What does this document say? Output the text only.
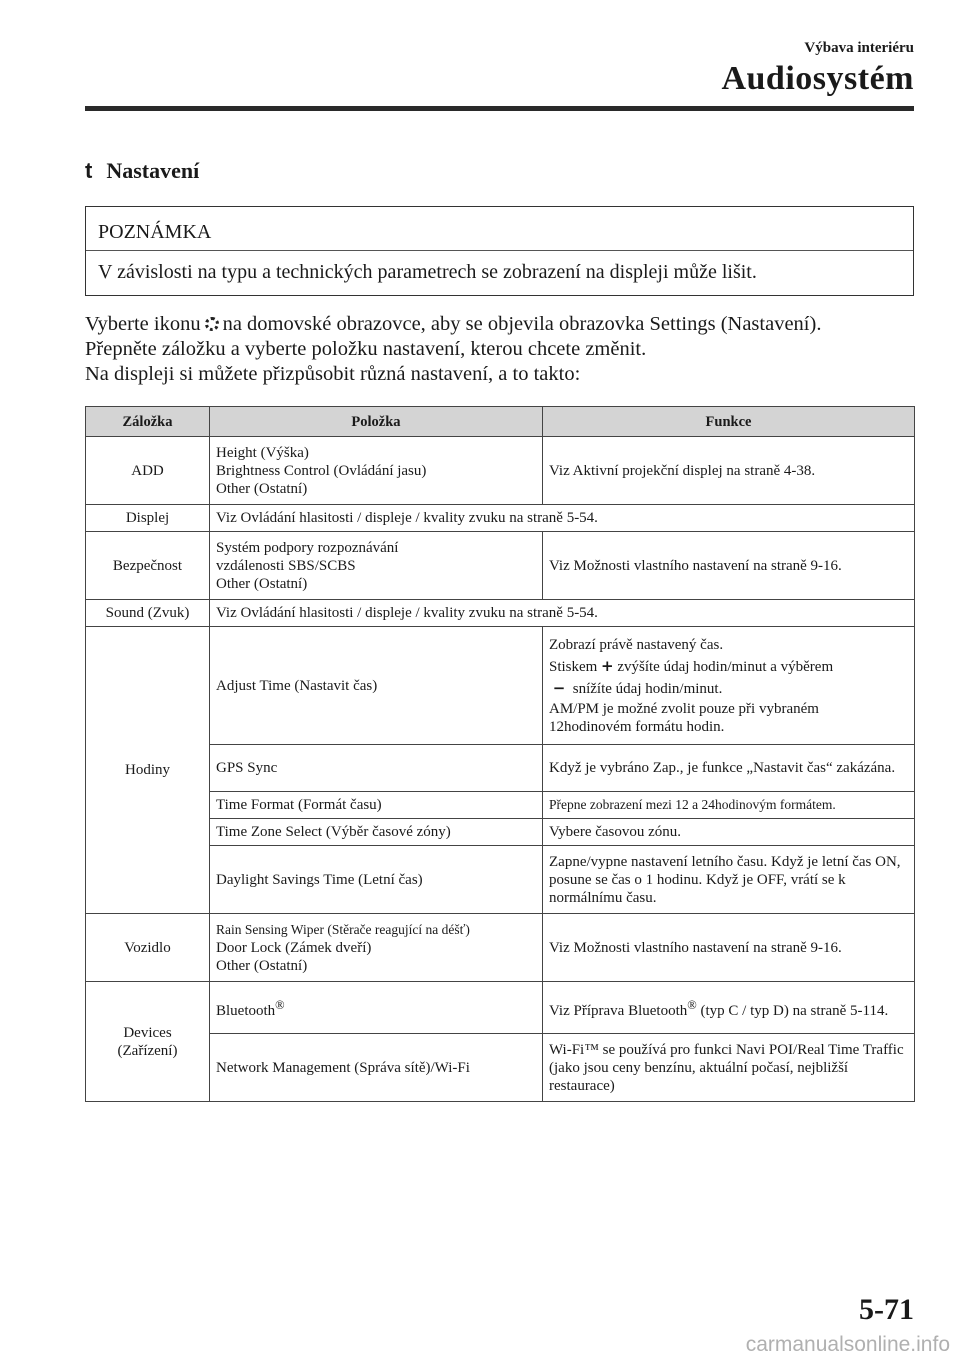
Výbava interiéru
Audiosystém
t Nastavení
POZNÁMKA
V závislosti na typu a technických parametrech se zobrazení na displeji může lišit.
Vyberte ikonu na domovské obrazovce, aby se objevila obrazovka Settings (Nastavení).
Přepněte záložku a vyberte položku nastavení, kterou chcete změnit.
Na displeji si můžete přizpůsobit různá nastavení, a to takto:
Záložka	Položka	Funkce
ADD	Height (Výška)
Brightness Control (Ovládání jasu)
Other (Ostatní)	Viz Aktivní projekční displej na straně 4-38.
Displej	Viz Ovládání hlasitosti / displeje / kvality zvuku na straně 5-54.	
Bezpečnost	Systém podpory rozpoznávání
vzdálenosti SBS/SCBS
Other (Ostatní)	Viz Možnosti vlastního nastavení na straně 9-16.
Sound (Zvuk)	Viz Ovládání hlasitosti / displeje / kvality zvuku na straně 5-54.	
Hodiny	Adjust Time (Nastavit čas)	Zobrazí právě nastavený čas.
Stiskem + zvýšíte údaj hodin/minut a výběrem
− snížíte údaj hodin/minut.
AM/PM je možné zvolit pouze při vybraném
12hodinovém formátu hodin.

	GPS Sync	Když je vybráno Zap., je funkce „Nastavit čas“ zakázána.
	Time Format (Formát času)	Přepne zobrazení mezi 12 a 24hodinovým formátem.
	Time Zone Select (Výběr časové zóny)	Vybere časovou zónu.
	Daylight Savings Time (Letní čas)	Zapne/vypne nastavení letního času. Když je letní čas ON, posune se čas o 1 hodinu. Když je OFF, vrátí se k normálnímu času.
Vozidlo	Rain Sensing Wiper (Stěrače reagující na déšť)
Door Lock (Zámek dveří)
Other (Ostatní)	Viz Možnosti vlastního nastavení na straně 9-16.

Devices
(Zařízení)	Bluetooth®	Viz Příprava Bluetooth® (typ C / typ D) na straně 5-114.
	Network Management (Správa sítě)/Wi-Fi	Wi-Fi™ se používá pro funkci Navi POI/Real Time Traffic (jako jsou ceny benzínu, aktuální počasí, nejbližší restaurace)
5-71
carmanualsonline.info
